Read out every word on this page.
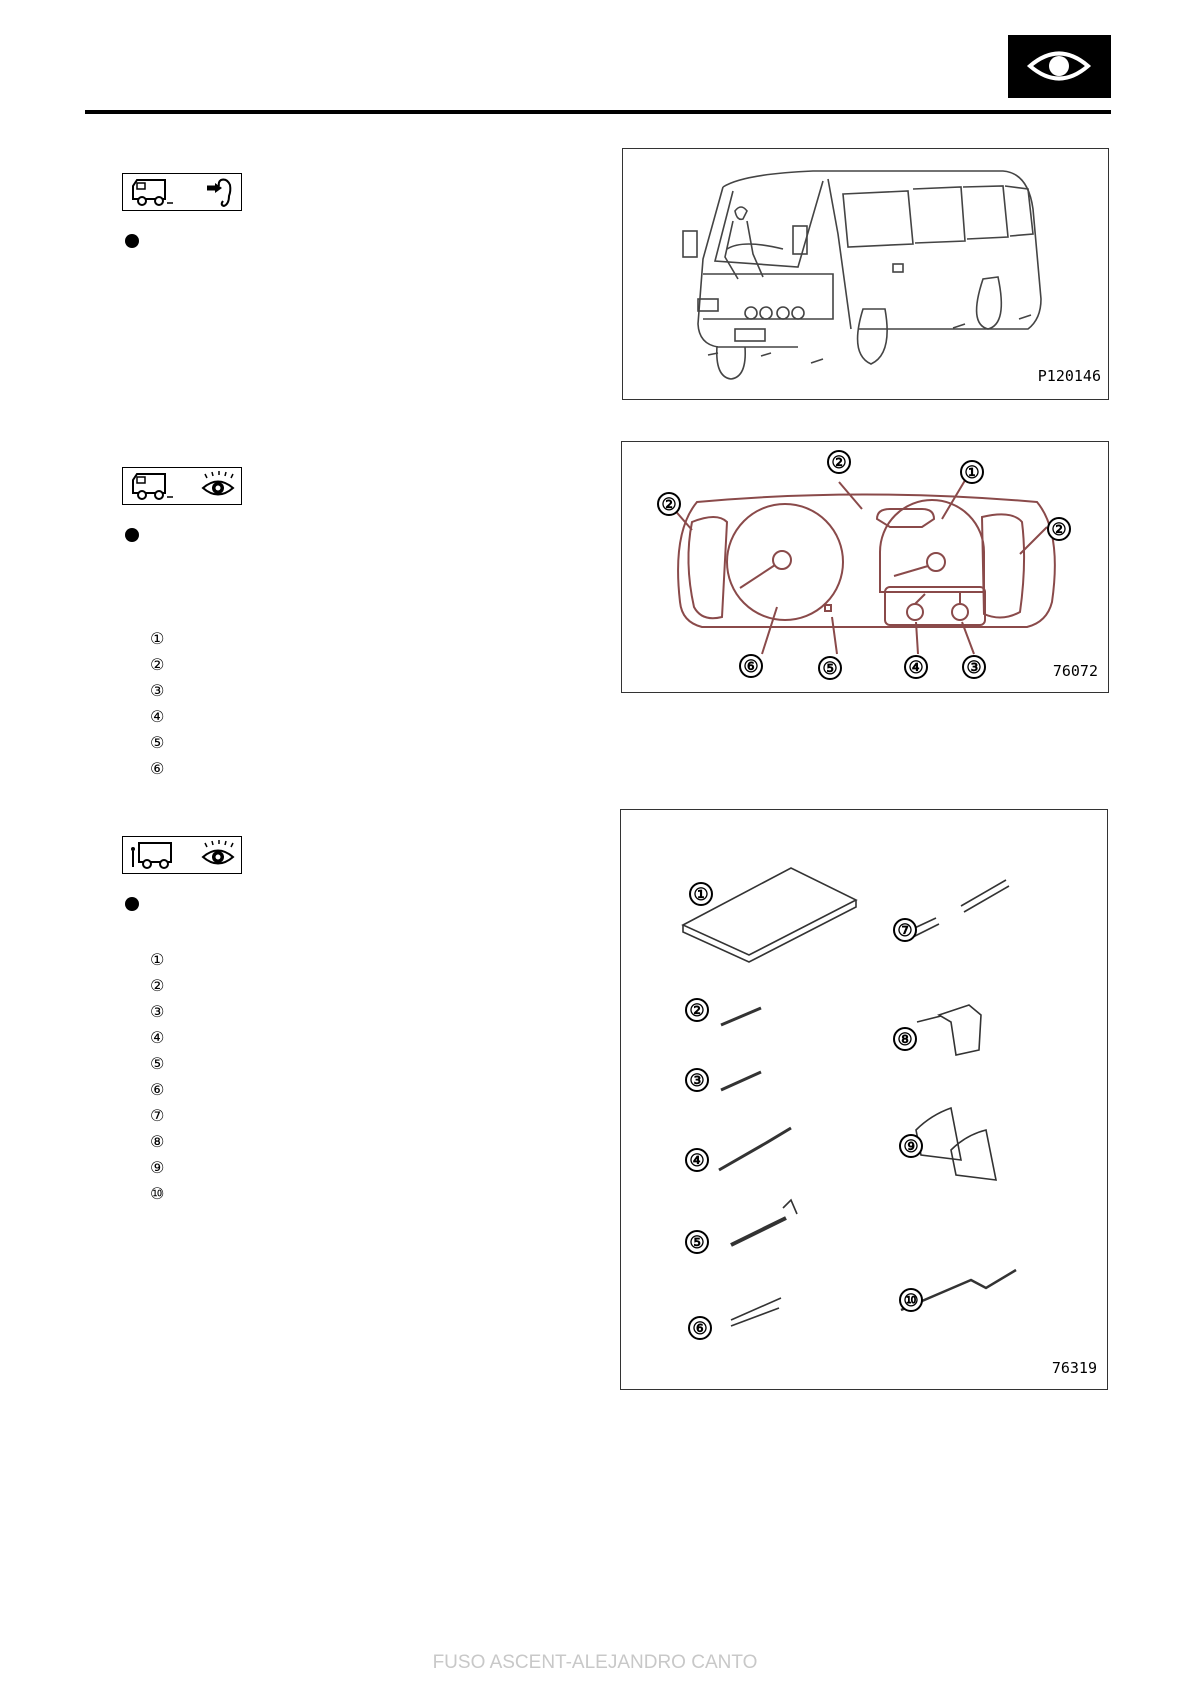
P120146
①
②
③
④
⑤
⑥
②
②
①
②
⑥	⑤	④	③	76072
①
②
③
④
⑤
⑥
⑦
⑧
⑨
⑩
①
②
③
④
⑤
⑥
⑦
⑧
⑨
⑩
76319
FUSO ASCENT-ALEJANDRO CANTO
